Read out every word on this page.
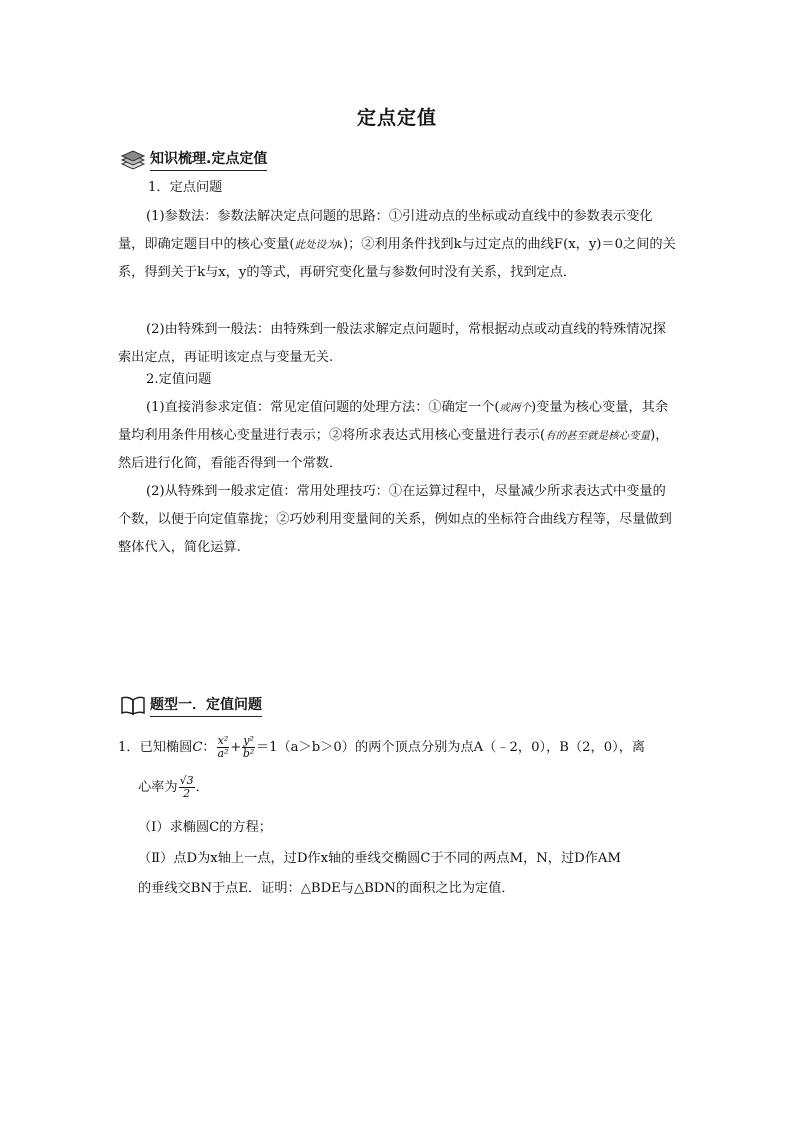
定点定值
知识梳理.定点定值
1．定点问题

(1)参数法：参数法解决定点问题的思路：①引进动点的坐标或动直线中的参数表示变化量，即确定题目中的核心变量(此处设为k)；②利用条件找到k与过定点的曲线F(x，y)＝0之间的关系，得到关于k与x，y的等式，再研究变化量与参数何时没有关系，找到定点．

(2)由特殊到一般法：由特殊到一般法求解定点问题时，常根据动点或动直线的特殊情况探索出定点，再证明该定点与变量无关.

2.定值问题

(1)直接消参求定值：常见定值问题的处理方法：①确定一个(或两个)变量为核心变量，其余量均利用条件用核心变量进行表示；②将所求表达式用核心变量进行表示(有的甚至就是核心变量)，然后进行化简，看能否得到一个常数．

(2)从特殊到一般求定值：常用处理技巧：①在运算过程中，尽量减少所求表达式中变量的个数，以便于向定值靠拢；②巧妙利用变量间的关系，例如点的坐标符合曲线方程等，尽量做到整体代入，简化运算.

题型一．定值问题
1．已知椭圆C： $\frac{\text{x²}}{\text{a²}} + \frac{\text{y²}}{\text{b²}} =1(a>b>0)$的两个顶点分别为点A（﹣2，0），B（2，0），离
心率为 $\frac{√3}{2}$ ．
（Ⅰ）求椭圆C的方程；
（Ⅱ）点D为x轴上一点，过D作x轴的垂线交椭圆C于不同的两点M，N，过D作AM
的垂线交BN于点E．证明：△BDE与△BDN的面积之比为定值．
